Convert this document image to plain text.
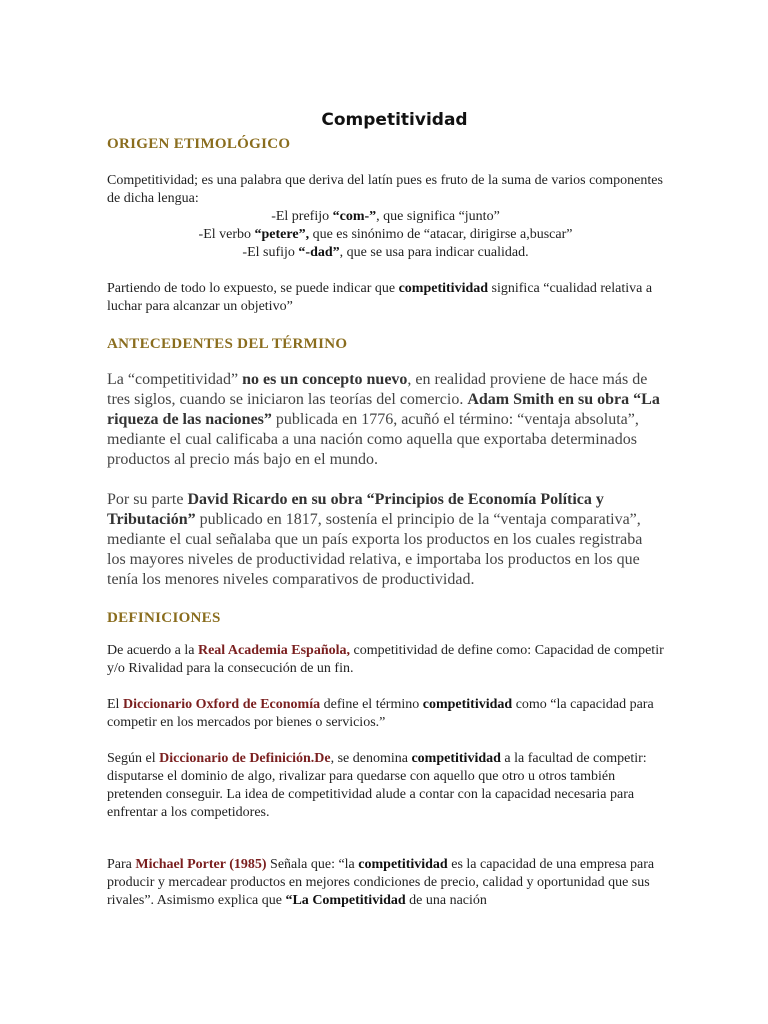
Competitividad
ORIGEN ETIMOLÓGICO

Competitividad; es una palabra que deriva del latín pues es fruto de la suma de varios componentes de dicha lengua:

-El prefijo “com-”, que significa “junto”

-El verbo “petere”, que es sinónimo de “atacar, dirigirse a,buscar”

-El sufijo “-dad”, que se usa para indicar cualidad.

Partiendo de todo lo expuesto, se puede indicar que competitividad significa “cualidad relativa a luchar para alcanzar un objetivo”

ANTECEDENTES DEL TÉRMINO

La “competitividad” no es un concepto nuevo, en realidad proviene de hace más de tres siglos, cuando se iniciaron las teorías del comercio. Adam Smith en su obra “La riqueza de las naciones” publicada en 1776, acuñó el término: “ventaja absoluta”, mediante el cual calificaba a una nación como aquella que exportaba determinados productos al precio más bajo en el mundo.

Por su parte David Ricardo en su obra “Principios de Economía Política y Tributación” publicado en 1817, sostenía el principio de la “ventaja comparativa”, mediante el cual señalaba que un país exporta los productos en los cuales registraba los mayores niveles de productividad relativa, e importaba los productos en los que tenía los menores niveles comparativos de productividad.

DEFINICIONES

De acuerdo a la Real Academia Española, competitividad de define como: Capacidad de competir y/o Rivalidad para la consecución de un fin.

El Diccionario Oxford de Economía define el término competitividad como “la capacidad para competir en los mercados por bienes o servicios.”

Según el Diccionario de Definición.De, se denomina competitividad a la facultad de competir: disputarse el dominio de algo, rivalizar para quedarse con aquello que otro u otros también pretenden conseguir. La idea de competitividad alude a contar con la capacidad necesaria para enfrentar a los competidores.

Para Michael Porter (1985) Señala que: “la competitividad es la capacidad de una empresa para producir y mercadear productos en mejores condiciones de precio, calidad y oportunidad que sus rivales”. Asimismo explica que “La Competitividad de una nación
